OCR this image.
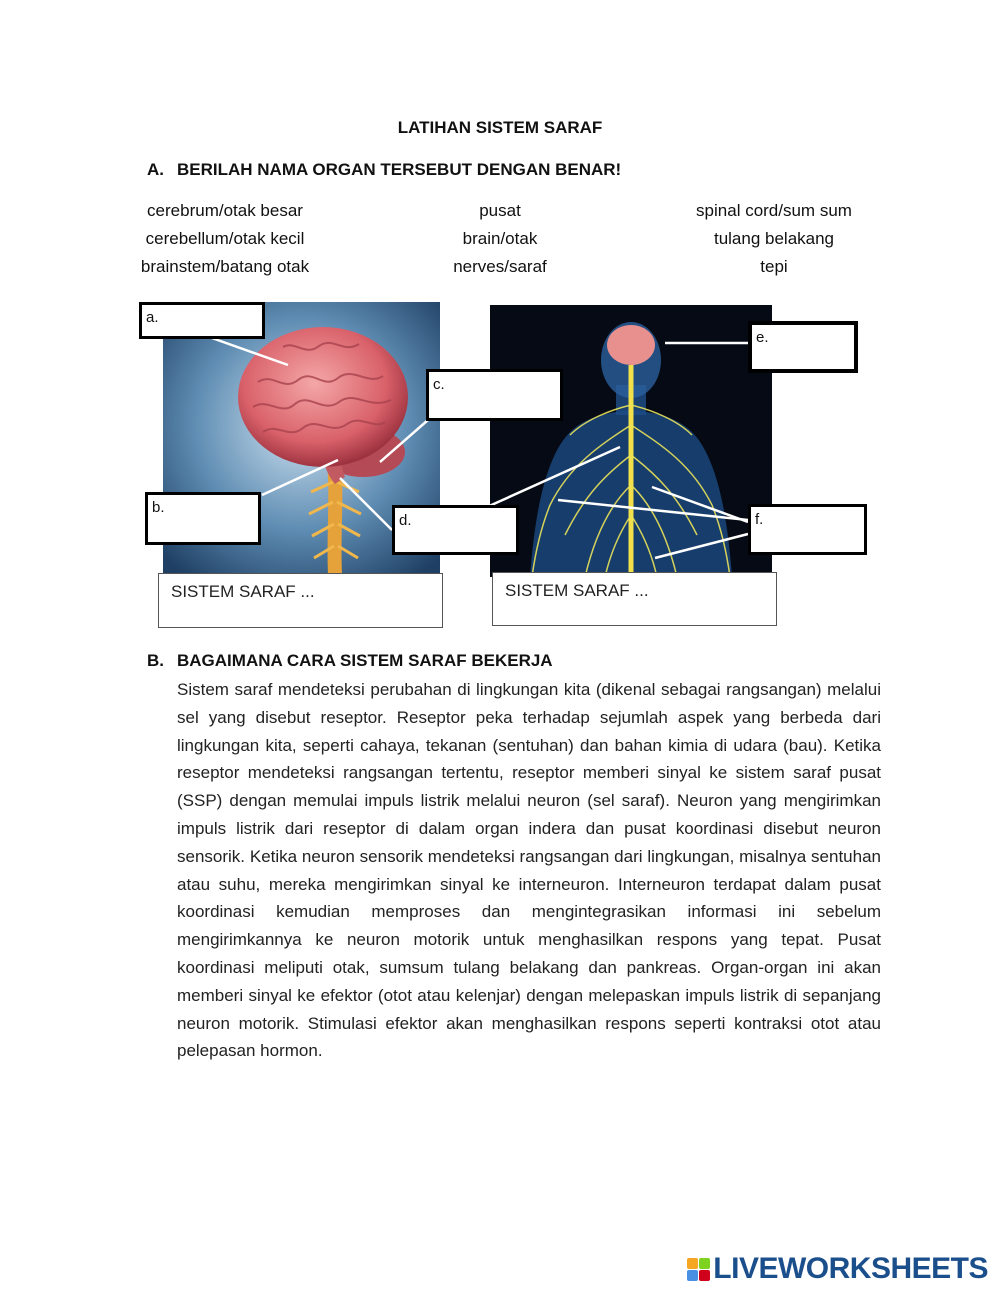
LATIHAN SISTEM SARAF
A. BERILAH NAMA ORGAN TERSEBUT DENGAN BENAR!
cerebrum/otak besar	pusat	spinal cord/sum sum
cerebellum/otak kecil	brain/otak	tulang belakang
brainstem/batang otak	nerves/saraf	tepi
a.
b.
c.
d.
e.
f.
SISTEM SARAF ...	SISTEM SARAF ...
B. BAGAIMANA CARA SISTEM SARAF BEKERJA
Sistem saraf mendeteksi perubahan di lingkungan kita (dikenal sebagai rangsangan) melalui sel yang disebut reseptor. Reseptor peka terhadap sejumlah aspek yang berbeda dari lingkungan kita, seperti cahaya, tekanan (sentuhan) dan bahan kimia di udara (bau). Ketika reseptor mendeteksi rangsangan tertentu, reseptor memberi sinyal ke sistem saraf pusat (SSP) dengan memulai impuls listrik melalui neuron (sel saraf). Neuron yang mengirimkan impuls listrik dari reseptor di dalam organ indera dan pusat koordinasi disebut neuron sensorik. Ketika neuron sensorik mendeteksi rangsangan dari lingkungan, misalnya sentuhan atau suhu, mereka mengirimkan sinyal ke interneuron. Interneuron terdapat dalam pusat koordinasi kemudian memproses dan mengintegrasikan informasi ini sebelum mengirimkannya ke neuron motorik untuk menghasilkan respons yang tepat. Pusat koordinasi meliputi otak, sumsum tulang belakang dan pankreas. Organ-organ ini akan memberi sinyal ke efektor (otot atau kelenjar) dengan melepaskan impuls listrik di sepanjang neuron motorik. Stimulasi efektor akan menghasilkan respons seperti kontraksi otot atau pelepasan hormon.
LIVEWORKSHEETS
